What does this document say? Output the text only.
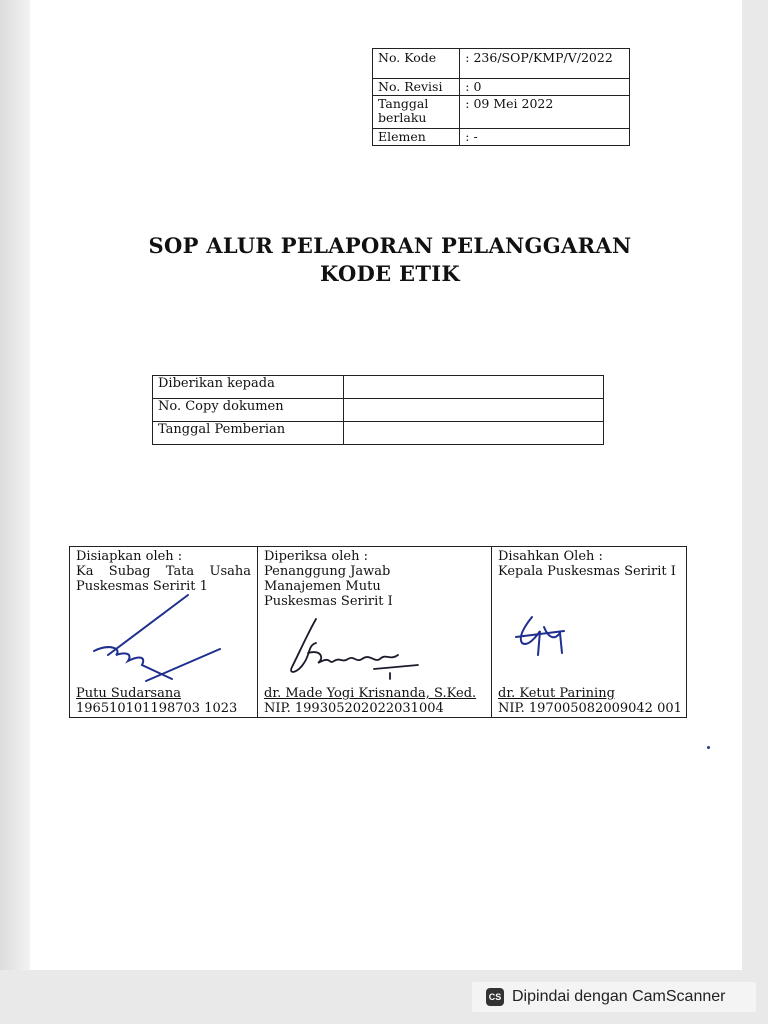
No. Kode	: 236/SOP/KMP/V/2022
No. Revisi	: 0
Tanggal berlaku	: 09 Mei 2022
Elemen	: -
SOP ALUR PELAPORAN PELANGGARAN
KODE ETIK
Diberikan kepada	
No. Copy dokumen	
Tanggal Pemberian	
Disiapkan oleh :
Ka Subag Tata Usaha
Puskesmas Seririt 1
Putu Sudarsana
196510101198703 1023

Diperiksa oleh :
Penanggung Jawab
Manajemen Mutu
Puskesmas Seririt I
dr. Made Yogi Krisnanda, S.Ked.
NIP. 199305202022031004

Disahkan Oleh :
Kepala Puskesmas Seririt I
dr. Ketut Parining
NIP. 197005082009042 001
CS Dipindai dengan CamScanner
